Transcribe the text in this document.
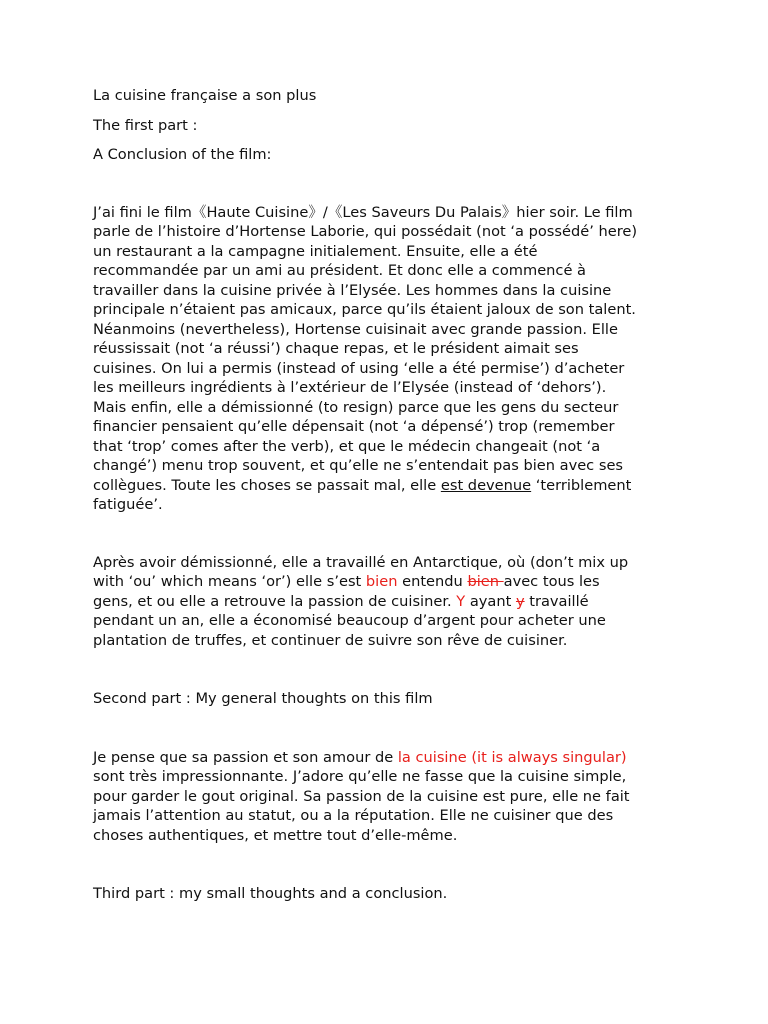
La cuisine française a son plus
The first part :
A Conclusion of the film:
J’ai fini le film《Haute Cuisine》/《Les Saveurs Du Palais》hier soir. Le film
parle de l’histoire d’Hortense Laborie, qui possédait (not ‘a possédé’ here)
un restaurant a la campagne initialement. Ensuite, elle a été
recommandée par un ami au président. Et donc elle a commencé à
travailler dans la cuisine privée à l’Elysée. Les hommes dans la cuisine
principale n’étaient pas amicaux, parce qu’ils étaient jaloux de son talent.
Néanmoins (nevertheless), Hortense cuisinait avec grande passion. Elle
réussissait (not ‘a réussi’) chaque repas, et le président aimait ses
cuisines. On lui a permis (instead of using ‘elle a été permise’) d’acheter
les meilleurs ingrédients à l’extérieur de l’Elysée (instead of ‘dehors’).
Mais enfin, elle a démissionné (to resign) parce que les gens du secteur
financier pensaient qu’elle dépensait (not ‘a dépensé’) trop (remember
that ‘trop’ comes after the verb), et que le médecin changeait (not ‘a
changé’) menu trop souvent, et qu’elle ne s’entendait pas bien avec ses
collègues. Toute les choses se passait mal, elle est devenue ‘terriblement
fatiguée’.
Après avoir démissionné, elle a travaillé en Antarctique, où (don’t mix up
with ‘ou’ which means ‘or’) elle s’est bien entendu bien avec tous les
gens, et ou elle a retrouve la passion de cuisiner. Y ayant y travaillé
pendant un an, elle a économisé beaucoup d’argent pour acheter une
plantation de truffes, et continuer de suivre son rêve de cuisiner.
Second part : My general thoughts on this film
Je pense que sa passion et son amour de la cuisine (it is always singular)
sont très impressionnante. J’adore qu’elle ne fasse que la cuisine simple,
pour garder le gout original. Sa passion de la cuisine est pure, elle ne fait
jamais l’attention au statut, ou a la réputation. Elle ne cuisiner que des
choses authentiques, et mettre tout d’elle-même.
Third part : my small thoughts and a conclusion.
